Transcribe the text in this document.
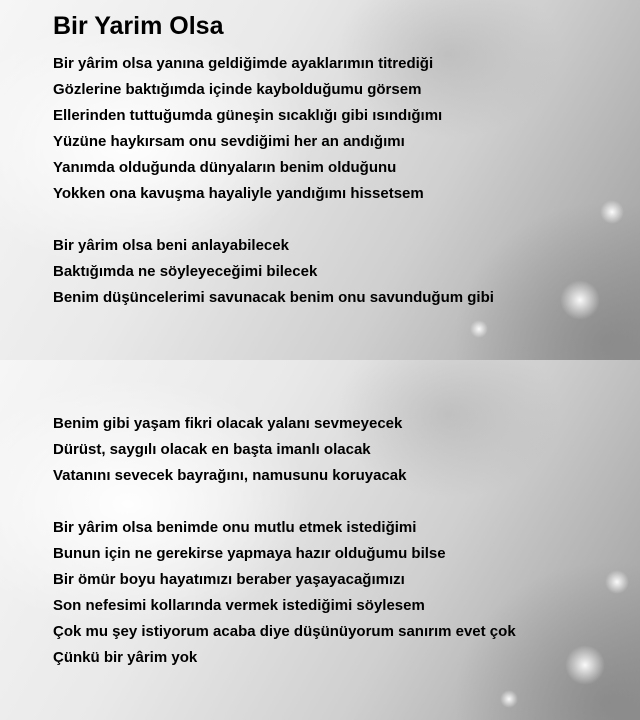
Bir Yarim Olsa
Bir yârim olsa yanına geldiğimde ayaklarımın titrediği
Gözlerine baktığımda içinde kaybolduğumu görsem
Ellerinden tuttuğumda güneşin sıcaklığı gibi ısındığımı
Yüzüne haykırsam onu sevdiğimi her an andığımı
Yanımda olduğunda dünyaların benim olduğunu
Yokken ona kavuşma hayaliyle yandığımı hissetsem
Bir yârim olsa beni anlayabilecek
Baktığımda ne söyleyeceğimi bilecek
Benim düşüncelerimi savunacak benim onu savunduğum gibi
Benim gibi yaşam fikri olacak yalanı sevmeyecek
Dürüst, saygılı olacak en başta imanlı olacak
Vatanını sevecek bayrağını, namusunu koruyacak
Bir yârim olsa benimde onu mutlu etmek istediğimi
Bunun için ne gerekirse yapmaya hazır olduğumu bilse
Bir ömür boyu hayatımızı beraber yaşayacağımızı
Son nefesimi kollarında vermek istediğimi söylesem
Çok mu şey istiyorum acaba diye düşünüyorum sanırım evet çok
Çünkü bir yârim yok
